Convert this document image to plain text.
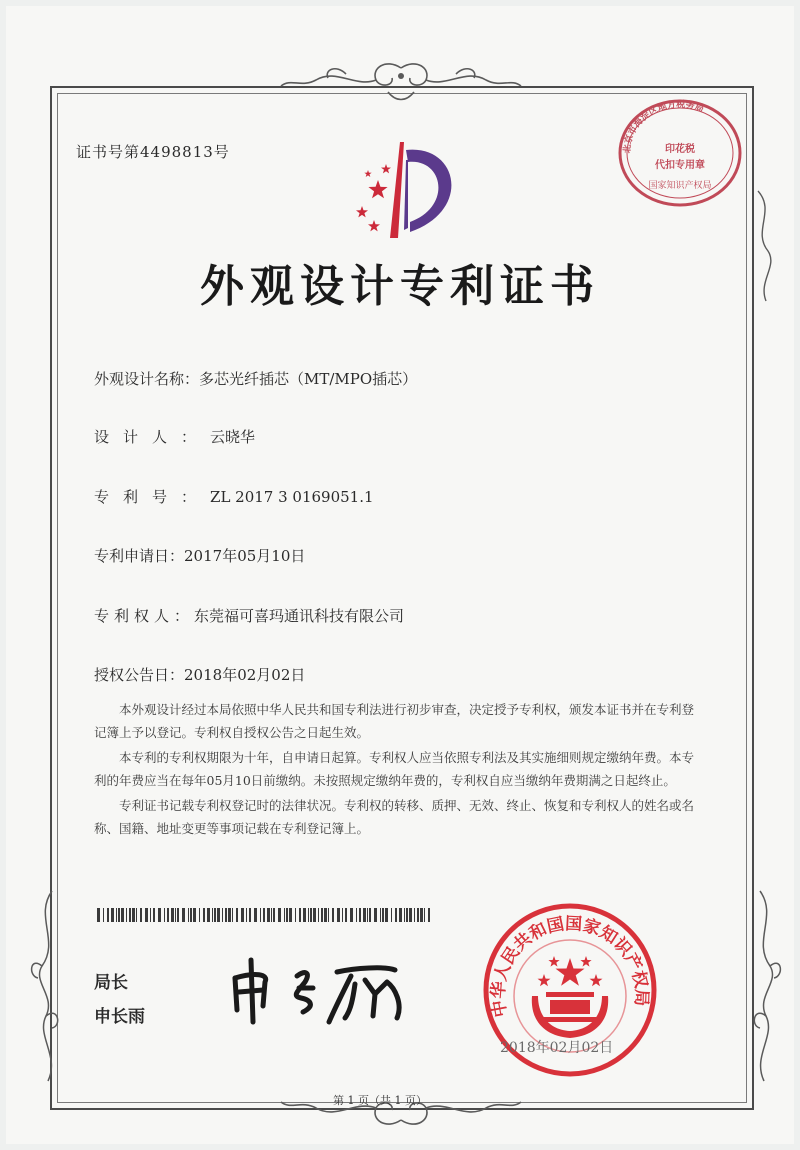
证书号第4498813号
外观设计专利证书
外观设计名称：多芯光纤插芯（MT/MPO插芯）
设计人：云晓华
专利号：ZL 2017 3 0169051.1
专利申请日：2017年05月10日
专利权人：东莞福可喜玛通讯科技有限公司
授权公告日：2018年02月02日

本外观设计经过本局依照中华人民共和国专利法进行初步审查，决定授予专利权，颁发本证书并在专利登记簿上予以登记。专利权自授权公告之日起生效。

本专利的专利权期限为十年，自申请日起算。专利权人应当依照专利法及其实施细则规定缴纳年费。本专利的年费应当在每年05月10日前缴纳。未按照规定缴纳年费的，专利权自应当缴纳年费期满之日起终止。

专利证书记载专利权登记时的法律状况。专利权的转移、质押、无效、终止、恢复和专利权人的姓名或名称、国籍、地址变更等事项记载在专利登记簿上。

局长
申长雨
北京市海淀区地方税务局
印花税
代扣专用章
国家知识产权局
中华人民共和国国家知识产权局
2018年02月02日
第 1 页（共 1 页）
